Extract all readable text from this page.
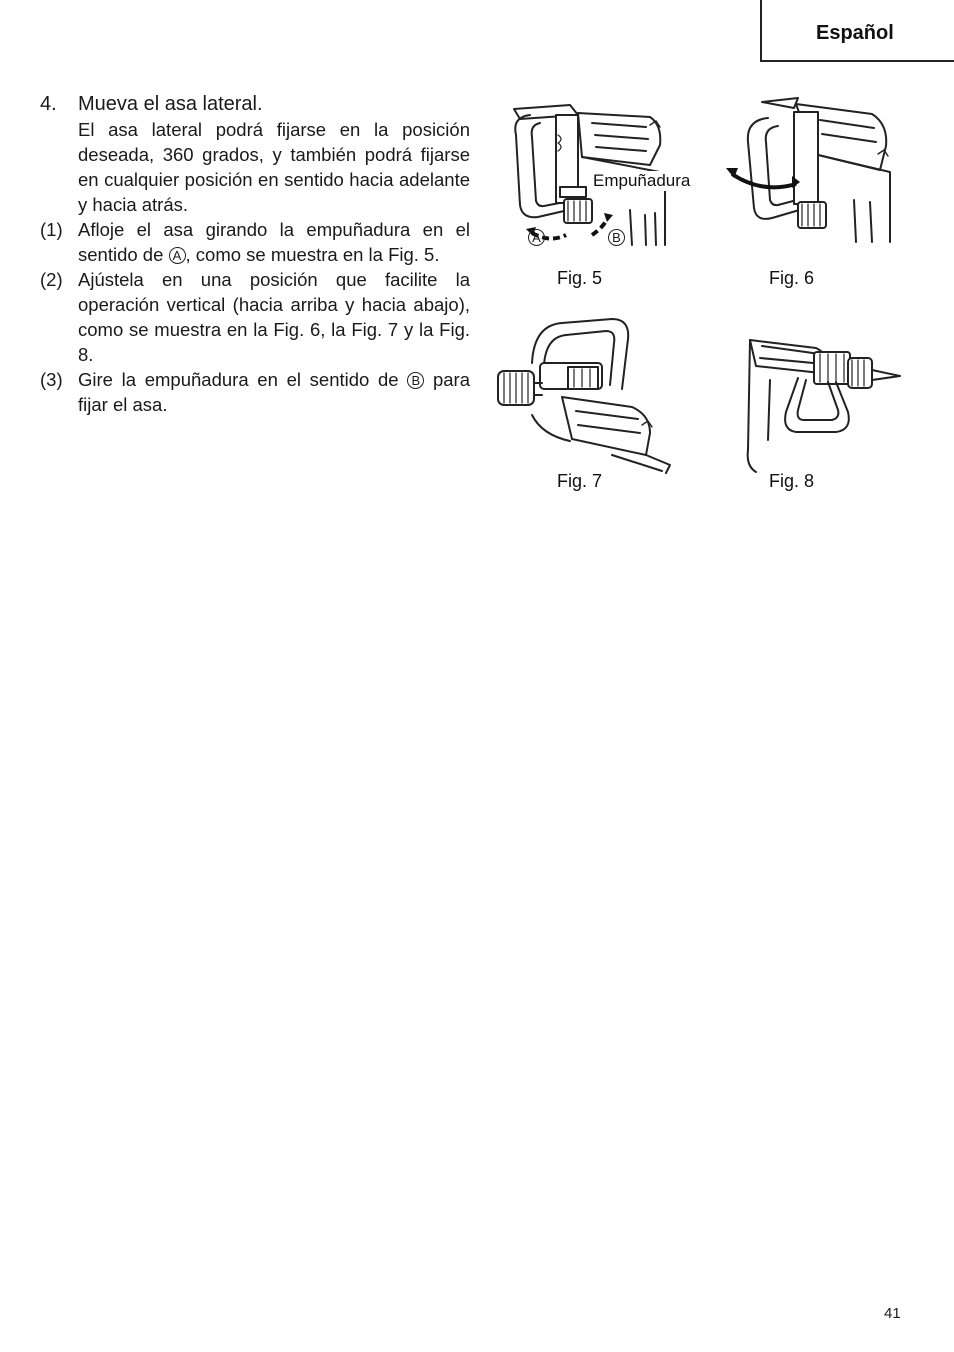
Español
4.	Mueva el asa lateral.
El asa lateral podrá fijarse en la posición deseada, 360 grados, y también podrá fijarse en cualquier posición en sentido hacia adelante y hacia atrás.
(1) Afloje el asa girando la empuñadura en el sentido de A , como se muestra en la Fig. 5.
(2) Ajústela en una posición que facilite la operación vertical (hacia arriba y hacia abajo), como se muestra en la Fig. 6, la Fig. 7 y la Fig. 8.
(3) Gire la empuñadura en el sentido de B para fijar el asa.
Empuñadura
A	B
Fig. 5	Fig. 6
Fig. 7	Fig. 8
41
